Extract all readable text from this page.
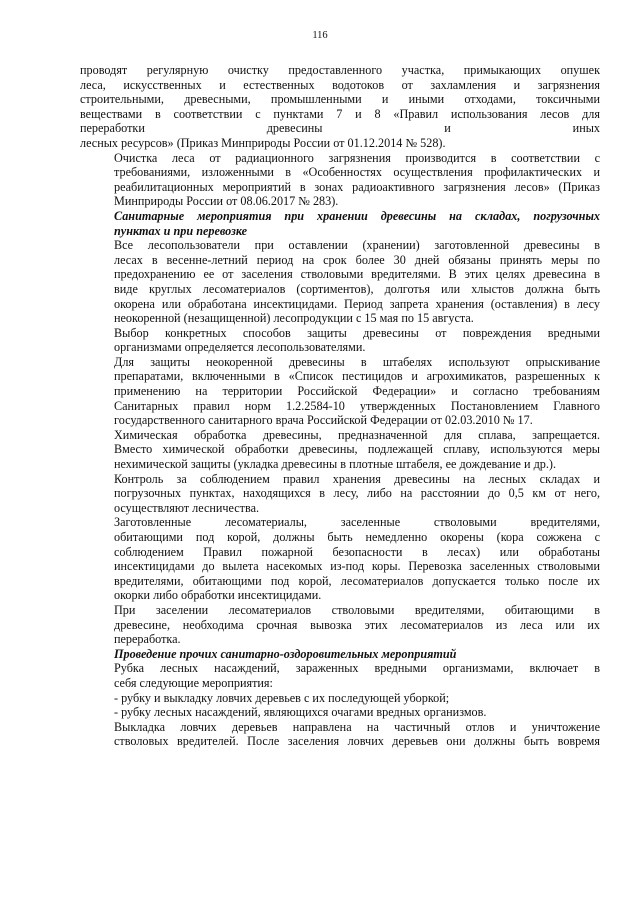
116

проводят регулярную очистку предоставленного участка, примыкающих опушек
леса, искусственных и естественных водотоков от захламления и загрязнения
строительными, древесными, промышленными и иными отходами, токсичными
веществами в соответствии с пунктами 7 и 8 «Правил использования лесов для
переработки древесины и иных
лесных ресурсов» (Приказ Минприроды России от 01.12.2014 № 528).

Очистка леса от радиационного загрязнения производится в соответствии с
требованиями, изложенными в «Особенностях осуществления профилактических и
реабилитационных мероприятий в зонах радиоактивного загрязнения лесов» (Приказ
Минприроды России от 08.06.2017 № 283).

Санитарные мероприятия при хранении древесины на складах, погрузочных
пунктах и при перевозке

Все лесопользователи при оставлении (хранении) заготовленной древесины в
лесах в весенне-летний период на срок более 30 дней обязаны принять меры по
предохранению ее от заселения стволовыми вредителями. В этих целях древесина в
виде круглых лесоматериалов (сортиментов), долготья или хлыстов должна быть
окорена или обработана инсектицидами. Период запрета хранения (оставления) в лесу
неокоренной (незащищенной) лесопродукции с 15 мая по 15 августа.

Выбор конкретных способов защиты древесины от повреждения вредными
организмами определяется лесопользователями.

Для защиты неокоренной древесины в штабелях используют опрыскивание
препаратами, включенными в «Список пестицидов и агрохимикатов, разрешенных к
применению на территории Российской Федерации» и согласно требованиям
Санитарных правил норм 1.2.2584-10 утвержденных Постановлением Главного
государственного санитарного врача Российской Федерации от 02.03.2010 № 17.

Химическая обработка древесины, предназначенной для сплава, запрещается.
Вместо химической обработки древесины, подлежащей сплаву, используются меры
нехимической защиты (укладка древесины в плотные штабеля, ее дождевание и др.).

Контроль за соблюдением правил хранения древесины на лесных складах и
погрузочных пунктах, находящихся в лесу, либо на расстоянии до 0,5 км от него,
осуществляют лесничества.

Заготовленные лесоматериалы, заселенные стволовыми вредителями,
обитающими под корой, должны быть немедленно окорены (кора сожжена с
соблюдением Правил пожарной безопасности в лесах) или обработаны
инсектицидами до вылета насекомых из-под коры. Перевозка заселенных стволовыми
вредителями, обитающими под корой, лесоматериалов допускается только после их
окорки либо обработки инсектицидами.

При заселении лесоматериалов стволовыми вредителями, обитающими в
древесине, необходима срочная вывозка этих лесоматериалов из леса или их
переработка.

Проведение прочих санитарно-оздоровительных мероприятий

Рубка лесных насаждений, зараженных вредными организмами, включает в
себя следующие мероприятия:

- рубку и выкладку ловчих деревьев с их последующей уборкой;

- рубку лесных насаждений, являющихся очагами вредных организмов.

Выкладка ловчих деревьев направлена на частичный отлов и уничтожение
стволовых вредителей. После заселения ловчих деревьев они должны быть вовремя
